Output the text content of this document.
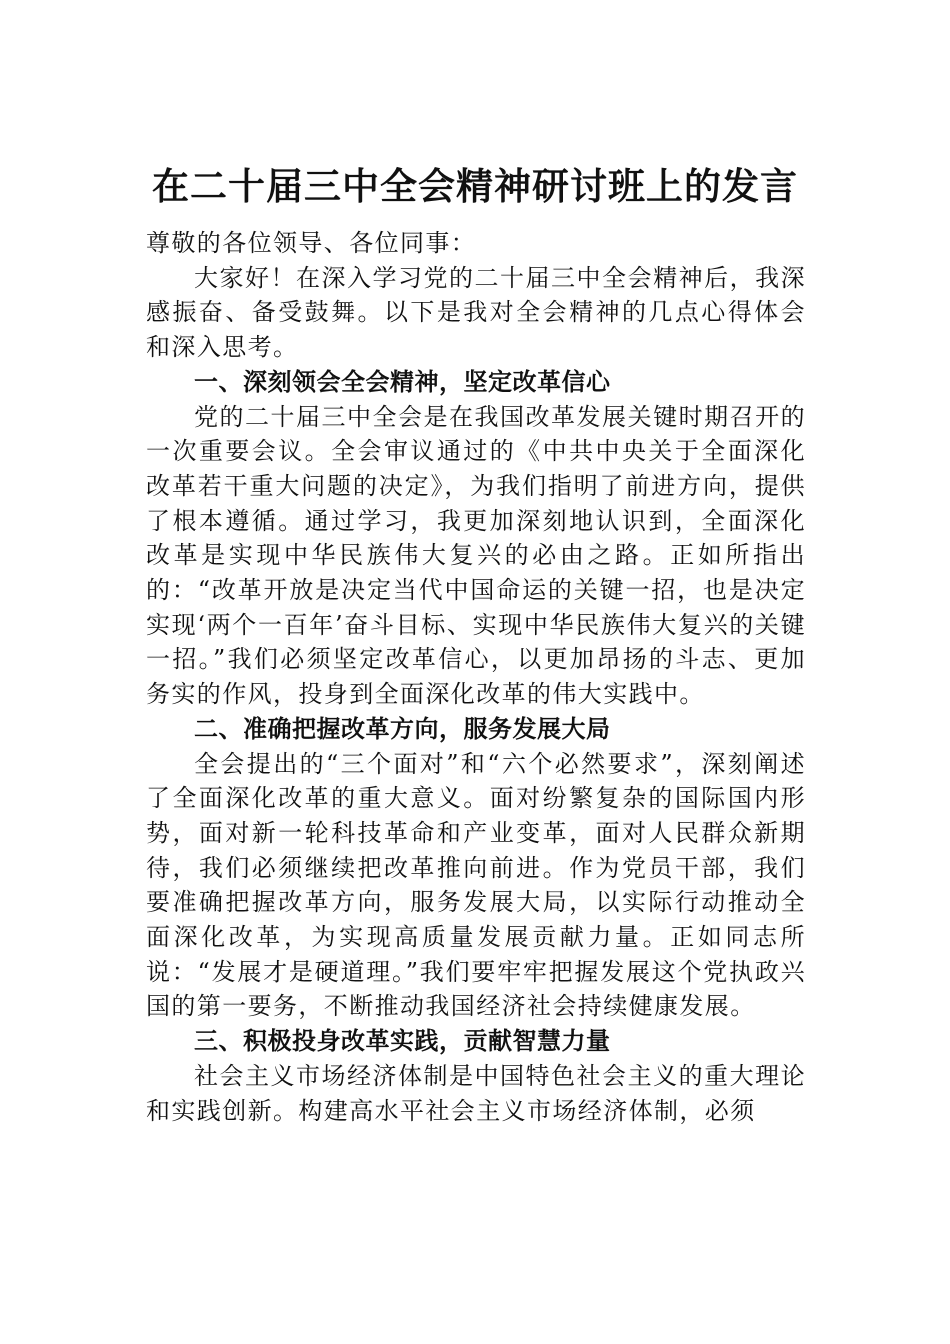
在二十届三中全会精神研讨班上的发言

尊敬的各位领导、各位同事：

大家好！在深入学习党的二十届三中全会精神后，我深感振奋、备受鼓舞。以下是我对全会精神的几点心得体会和深入思考。

一、深刻领会全会精神，坚定改革信心

党的二十届三中全会是在我国改革发展关键时期召开的一次重要会议。全会审议通过的《中共中央关于全面深化改革若干重大问题的决定》，为我们指明了前进方向，提供了根本遵循。通过学习，我更加深刻地认识到，全面深化改革是实现中华民族伟大复兴的必由之路。正如所指出的：“改革开放是决定当代中国命运的关键一招，也是决定实现‘两个一百年’奋斗目标、实现中华民族伟大复兴的关键一招。”我们必须坚定改革信心，以更加昂扬的斗志、更加务实的作风，投身到全面深化改革的伟大实践中。

二、准确把握改革方向，服务发展大局

全会提出的“三个面对”和“六个必然要求”，深刻阐述了全面深化改革的重大意义。面对纷繁复杂的国际国内形势，面对新一轮科技革命和产业变革，面对人民群众新期待，我们必须继续把改革推向前进。作为党员干部，我们要准确把握改革方向，服务发展大局，以实际行动推动全面深化改革，为实现高质量发展贡献力量。正如同志所说：“发展才是硬道理。”我们要牢牢把握发展这个党执政兴国的第一要务，不断推动我国经济社会持续健康发展。

三、积极投身改革实践，贡献智慧力量

社会主义市场经济体制是中国特色社会主义的重大理论和实践创新。构建高水平社会主义市场经济体制，必须
